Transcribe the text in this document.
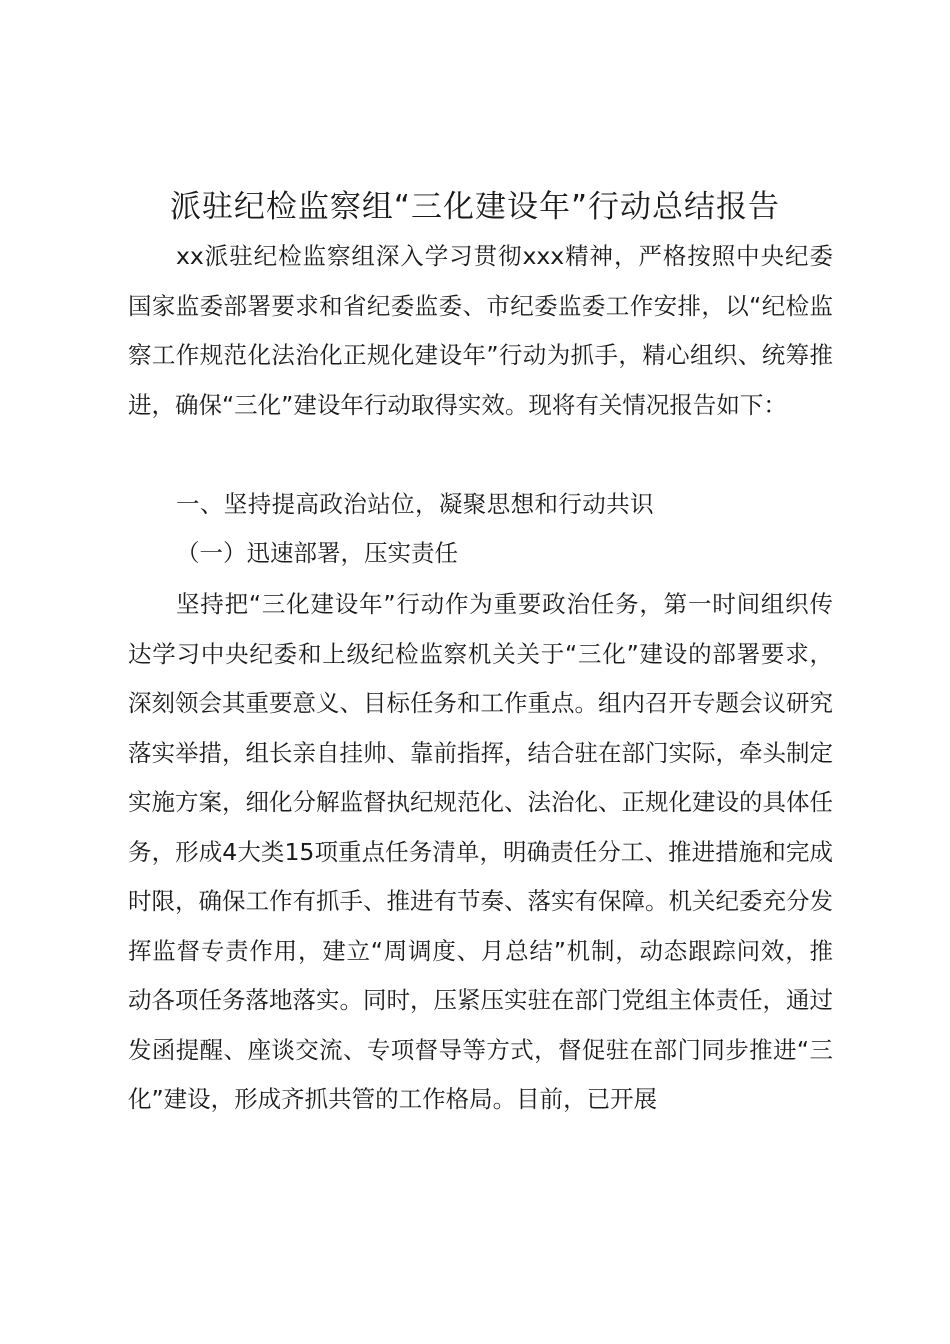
派驻纪检监察组“三化建设年”行动总结报告
xx派驻纪检监察组深入学习贯彻xxx精神，严格按照中央纪委国家监委部署要求和省纪委监委、市纪委监委工作安排，以“纪检监察工作规范化法治化正规化建设年”行动为抓手，精心组织、统筹推进，确保“三化”建设年行动取得实效。现将有关情况报告如下：
一、坚持提高政治站位，凝聚思想和行动共识
（一）迅速部署，压实责任
坚持把“三化建设年”行动作为重要政治任务，第一时间组织传达学习中央纪委和上级纪检监察机关关于“三化”建设的部署要求，深刻领会其重要意义、目标任务和工作重点。组内召开专题会议研究落实举措，组长亲自挂帅、靠前指挥，结合驻在部门实际，牵头制定实施方案，细化分解监督执纪规范化、法治化、正规化建设的具体任务，形成4大类15项重点任务清单，明确责任分工、推进措施和完成时限，确保工作有抓手、推进有节奏、落实有保障。机关纪委充分发挥监督专责作用，建立“周调度、月总结”机制，动态跟踪问效，推动各项任务落地落实。同时，压紧压实驻在部门党组主体责任，通过发函提醒、座谈交流、专项督导等方式，督促驻在部门同步推进“三化”建设，形成齐抓共管的工作格局。目前，已开展
